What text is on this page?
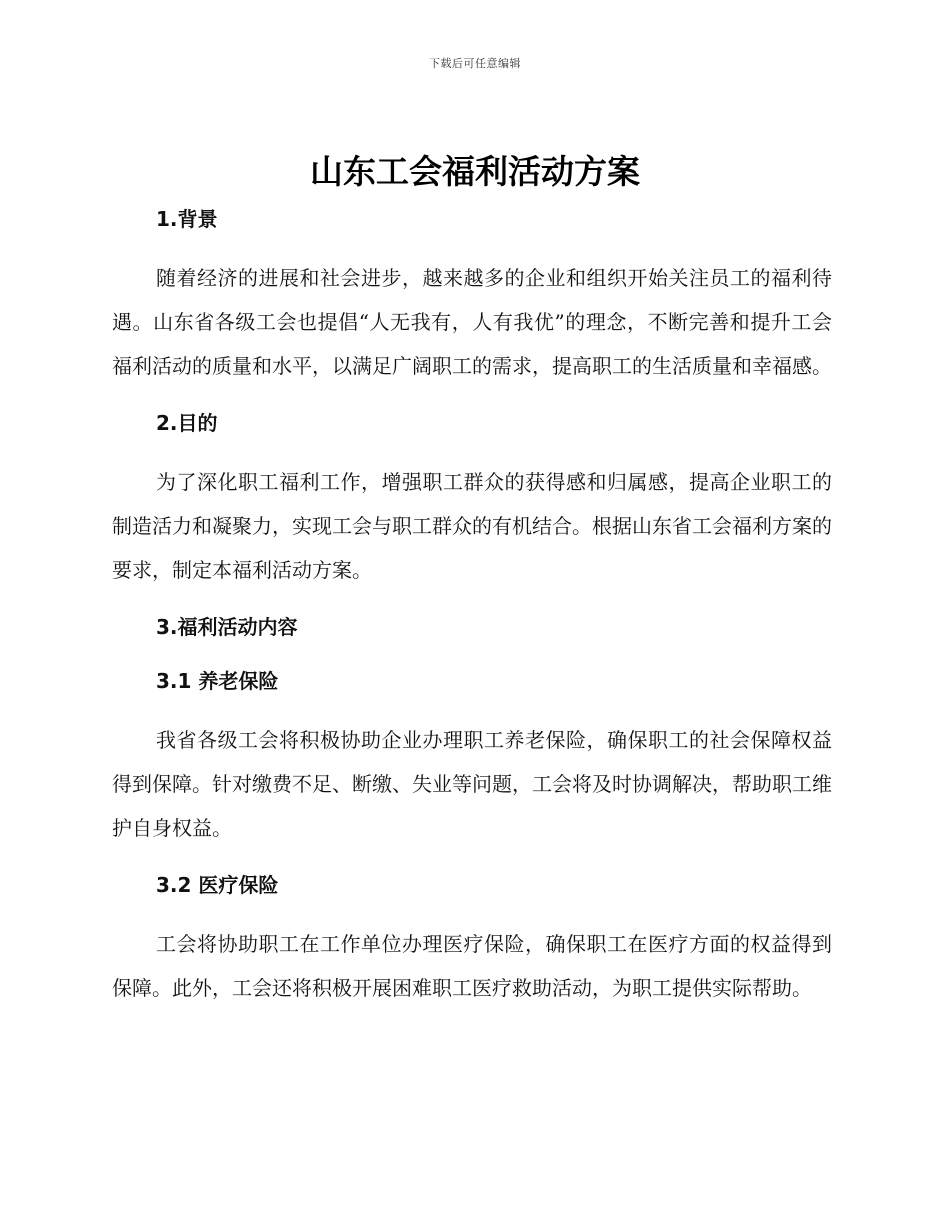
下载后可任意编辑
山东工会福利活动方案
1.背景

随着经济的进展和社会进步，越来越多的企业和组织开始关注员工的福利待遇。山东省各级工会也提倡“人无我有，人有我优”的理念，不断完善和提升工会福利活动的质量和水平，以满足广阔职工的需求，提高职工的生活质量和幸福感。

2.目的

为了深化职工福利工作，增强职工群众的获得感和归属感，提高企业职工的制造活力和凝聚力，实现工会与职工群众的有机结合。根据山东省工会福利方案的要求，制定本福利活动方案。

3.福利活动内容
3.1 养老保险

我省各级工会将积极协助企业办理职工养老保险，确保职工的社会保障权益得到保障。针对缴费不足、断缴、失业等问题，工会将及时协调解决，帮助职工维护自身权益。

3.2 医疗保险

工会将协助职工在工作单位办理医疗保险，确保职工在医疗方面的权益得到保障。此外，工会还将积极开展困难职工医疗救助活动，为职工提供实际帮助。
